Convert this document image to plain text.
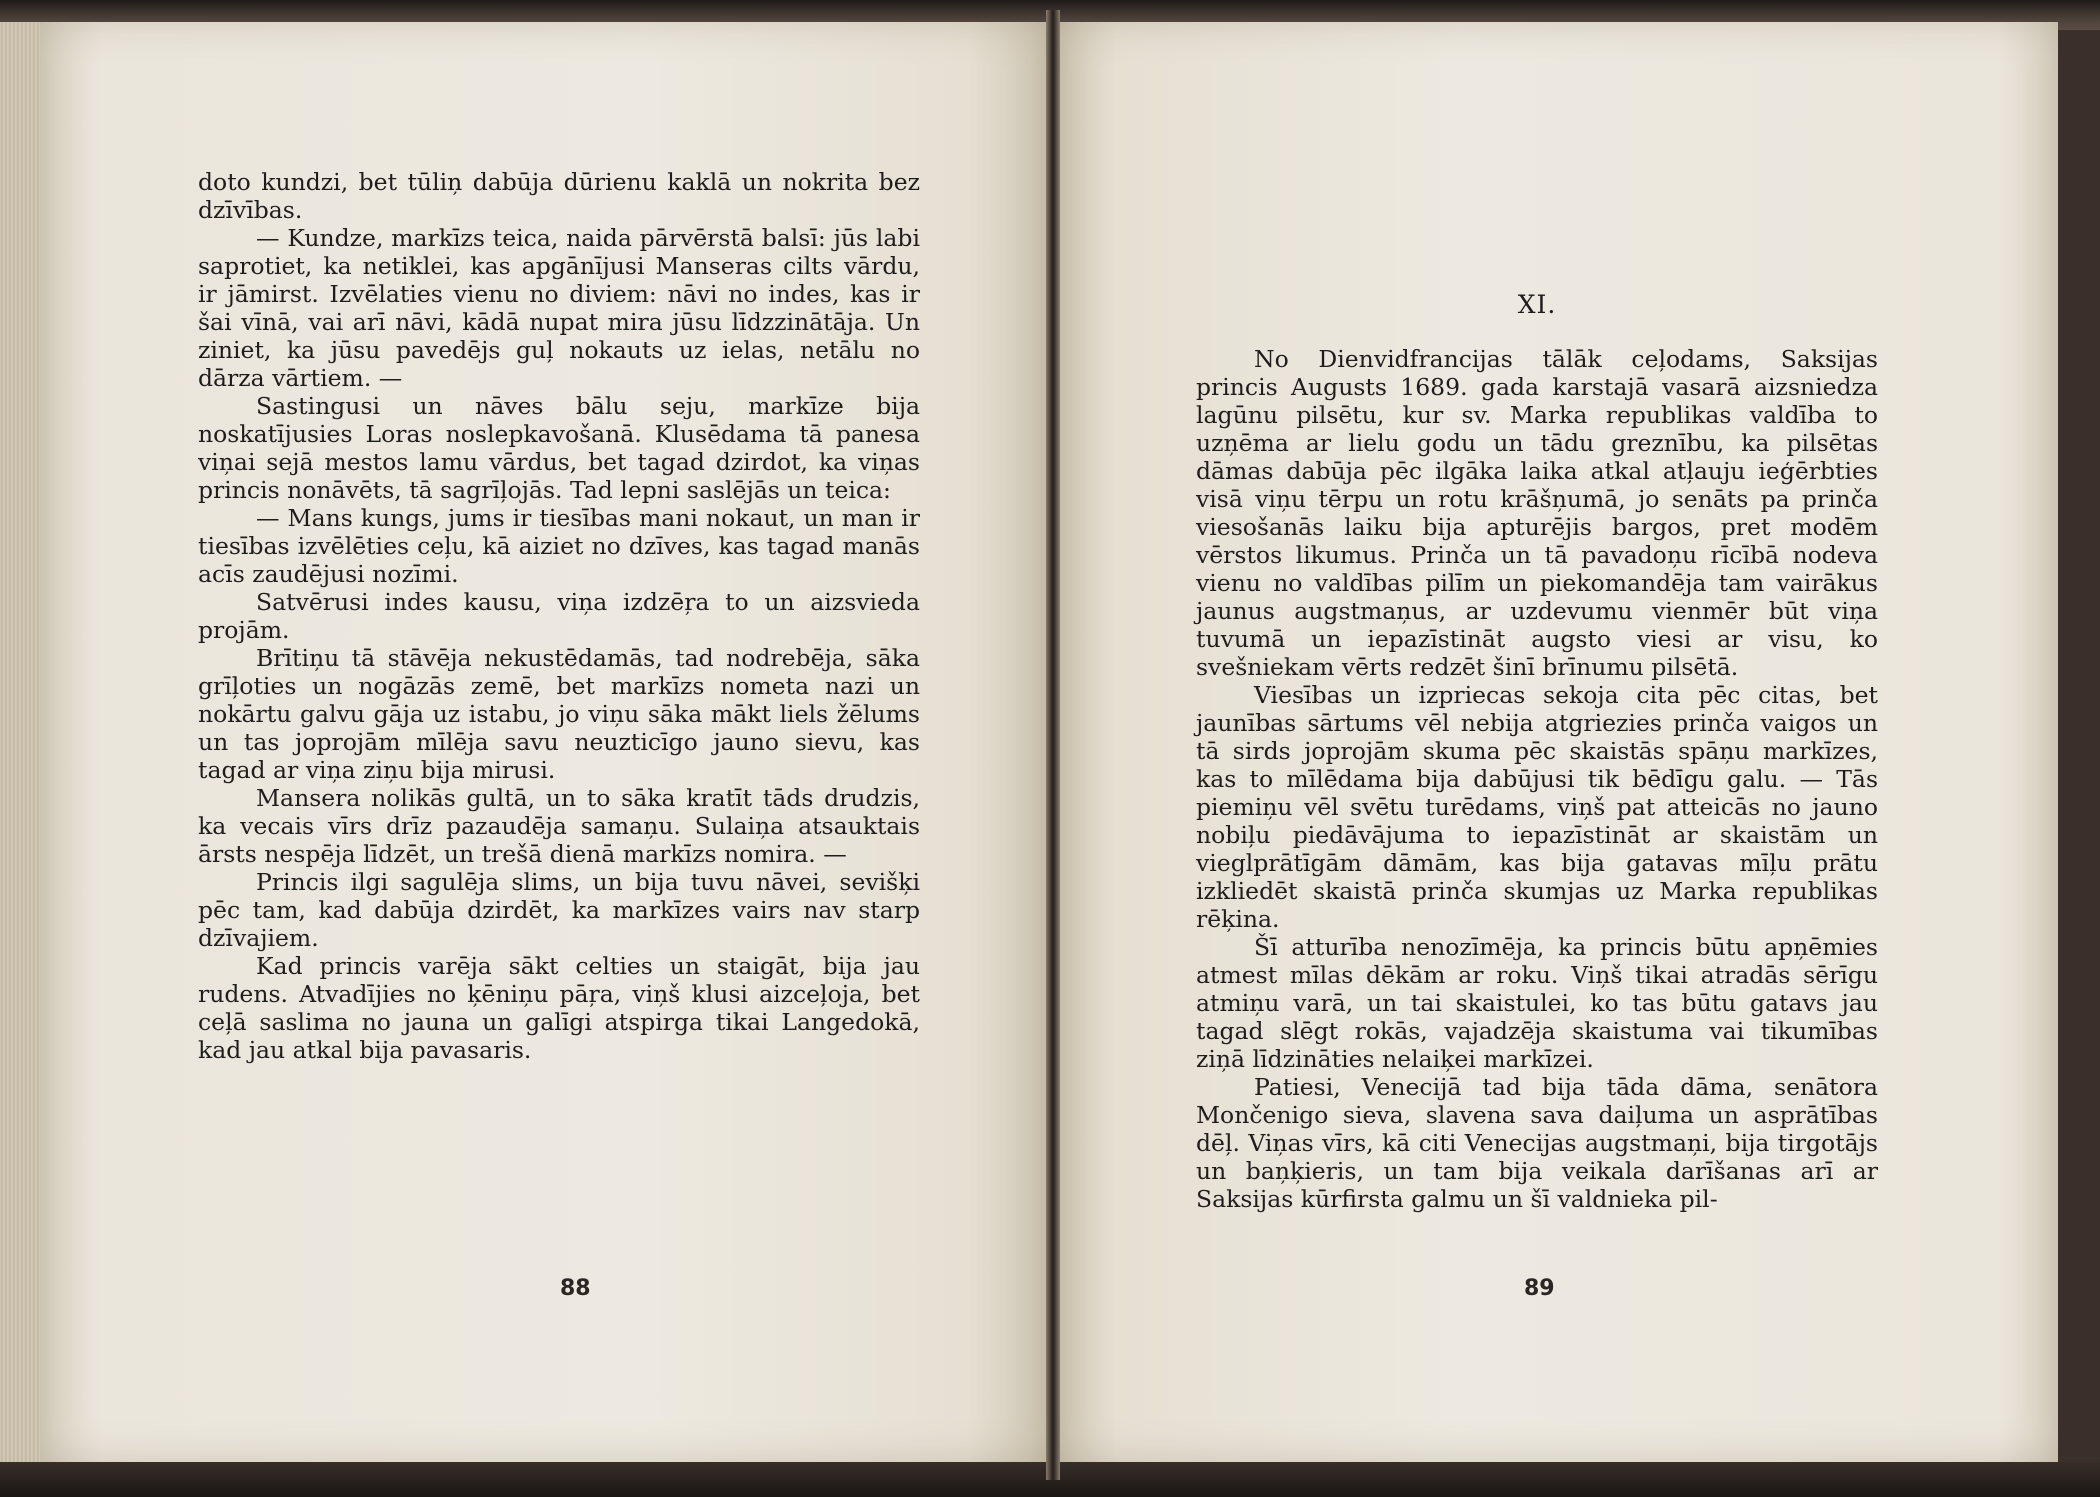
doto kundzi, bet tūliņ dabūja dūrienu kaklā un nokrita bez dzīvības.

— Kundze, markīzs teica, naida pārvērstā balsī: jūs labi saprotiet, ka netiklei, kas apgānījusi Manseras cilts vārdu, ir jāmirst. Izvēlaties vienu no diviem: nāvi no indes, kas ir šai vīnā, vai arī nāvi, kādā nupat mira jūsu līdzzinātāja. Un ziniet, ka jūsu pavedējs guļ nokauts uz ielas, netālu no dārza vārtiem. —

Sastingusi un nāves bālu seju, markīze bija noskatījusies Loras noslepkavošanā. Klusēdama tā panesa viņai sejā mestos lamu vārdus, bet tagad dzirdot, ka viņas princis nonāvēts, tā sagrīļojās. Tad lepni saslējās un teica:

— Mans kungs, jums ir tiesības mani nokaut, un man ir tiesības izvēlēties ceļu, kā aiziet no dzīves, kas tagad manās acīs zaudējusi nozīmi.

Satvērusi indes kausu, viņa izdzēŗa to un aizsvieda projām.

Brītiņu tā stāvēja nekustēdamās, tad nodrebēja, sāka grīļoties un nogāzās zemē, bet markīzs nometa nazi un nokārtu galvu gāja uz istabu, jo viņu sāka mākt liels žēlums un tas joprojām mīlēja savu neuzticīgo jauno sievu, kas tagad ar viņa ziņu bija mirusi.

Mansera nolikās gultā, un to sāka kratīt tāds drudzis, ka vecais vīrs drīz pazaudēja samaņu. Sulaiņa atsauktais ārsts nespēja līdzēt, un trešā dienā markīzs nomira. —

Princis ilgi sagulēja slims, un bija tuvu nāvei, sevišķi pēc tam, kad dabūja dzirdēt, ka markīzes vairs nav starp dzīvajiem.

Kad princis varēja sākt celties un staigāt, bija jau rudens. Atvadījies no ķēniņu pāŗa, viņš klusi aizceļoja, bet ceļā saslima no jauna un galīgi atspirga tikai Langedokā, kad jau atkal bija pavasaris.

XI.

No Dienvidfrancijas tālāk ceļodams, Saksijas princis Augusts 1689. gada karstajā vasarā aizsniedza lagūnu pilsētu, kur sv. Marka republikas valdība to uzņēma ar lielu godu un tādu greznību, ka pilsētas dāmas dabūja pēc ilgāka laika atkal atļauju ieģērbties visā viņu tērpu un rotu krāšņumā, jo senāts pa prinča viesošanās laiku bija apturējis bargos, pret modēm vērstos likumus. Prinča un tā pavadoņu rīcībā nodeva vienu no valdības pilīm un piekomandēja tam vairākus jaunus augstmaņus, ar uzdevumu vienmēr būt viņa tuvumā un iepazīstināt augsto viesi ar visu, ko svešniekam vērts redzēt šinī brīnumu pilsētā.

Viesības un izpriecas sekoja cita pēc citas, bet jaunības sārtums vēl nebija atgriezies prinča vaigos un tā sirds joprojām skuma pēc skaistās spāņu markīzes, kas to mīlēdama bija dabūjusi tik bēdīgu galu. — Tās piemiņu vēl svētu turēdams, viņš pat atteicās no jauno nobiļu piedāvājuma to iepazīstināt ar skaistām un vieglprātīgām dāmām, kas bija gatavas mīļu prātu izkliedēt skaistā prinča skumjas uz Marka republikas rēķina.

Šī atturība nenozīmēja, ka princis būtu apņēmies atmest mīlas dēkām ar roku. Viņš tikai atradās sērīgu atmiņu varā, un tai skaistulei, ko tas būtu gatavs jau tagad slēgt rokās, vajadzēja skaistuma vai tikumības ziņā līdzināties nelaiķei markīzei.

Patiesi, Venecijā tad bija tāda dāma, senātora Mončenigo sieva, slavena sava daiļuma un asprātības dēļ. Viņas vīrs, kā citi Venecijas augstmaņi, bija tirgotājs un baņķieris, un tam bija veikala darīšanas arī ar Saksijas kūrfirsta galmu un šī valdnieka pil-

88	89
